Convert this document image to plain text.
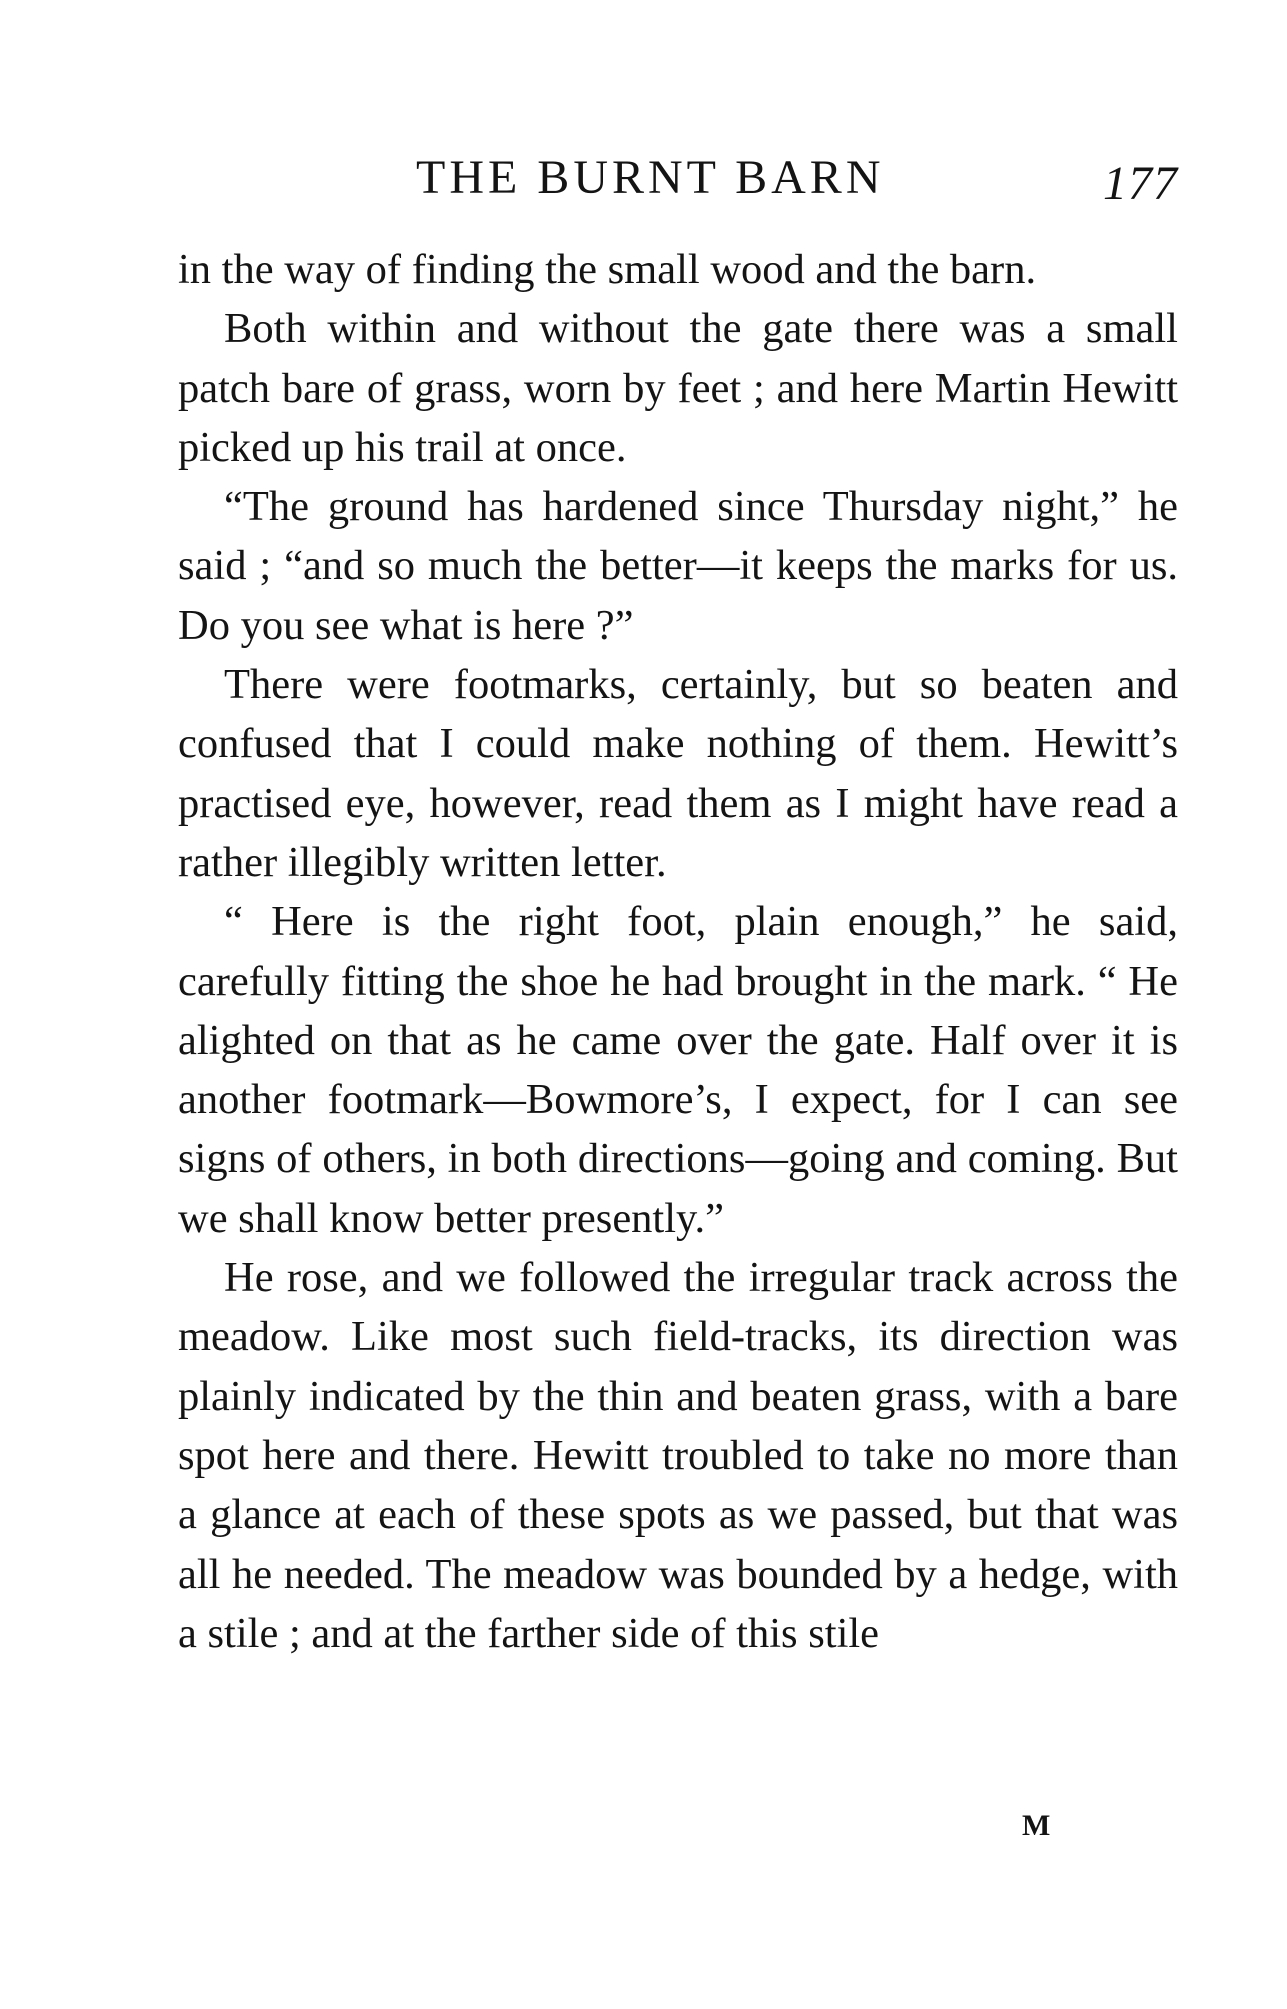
THE BURNT BARN	177

in the way of finding the small wood and the barn.

Both within and without the gate there was a small patch bare of grass, worn by feet ; and here Martin Hewitt picked up his trail at once.

“The ground has hardened since Thursday night,” he said ; “and so much the better—it keeps the marks for us. Do you see what is here ?”

There were footmarks, certainly, but so beaten and confused that I could make nothing of them. Hewitt’s practised eye, however, read them as I might have read a rather illegibly written letter.

“ Here is the right foot, plain enough,” he said, carefully fitting the shoe he had brought in the mark. “ He alighted on that as he came over the gate. Half over it is another footmark—Bowmore’s, I expect, for I can see signs of others, in both directions—going and coming. But we shall know better presently.”

He rose, and we followed the irregular track across the meadow. Like most such field-tracks, its direction was plainly indicated by the thin and beaten grass, with a bare spot here and there. Hewitt troubled to take no more than a glance at each of these spots as we passed, but that was all he needed. The meadow was bounded by a hedge, with a stile ; and at the farther side of this stile

M
